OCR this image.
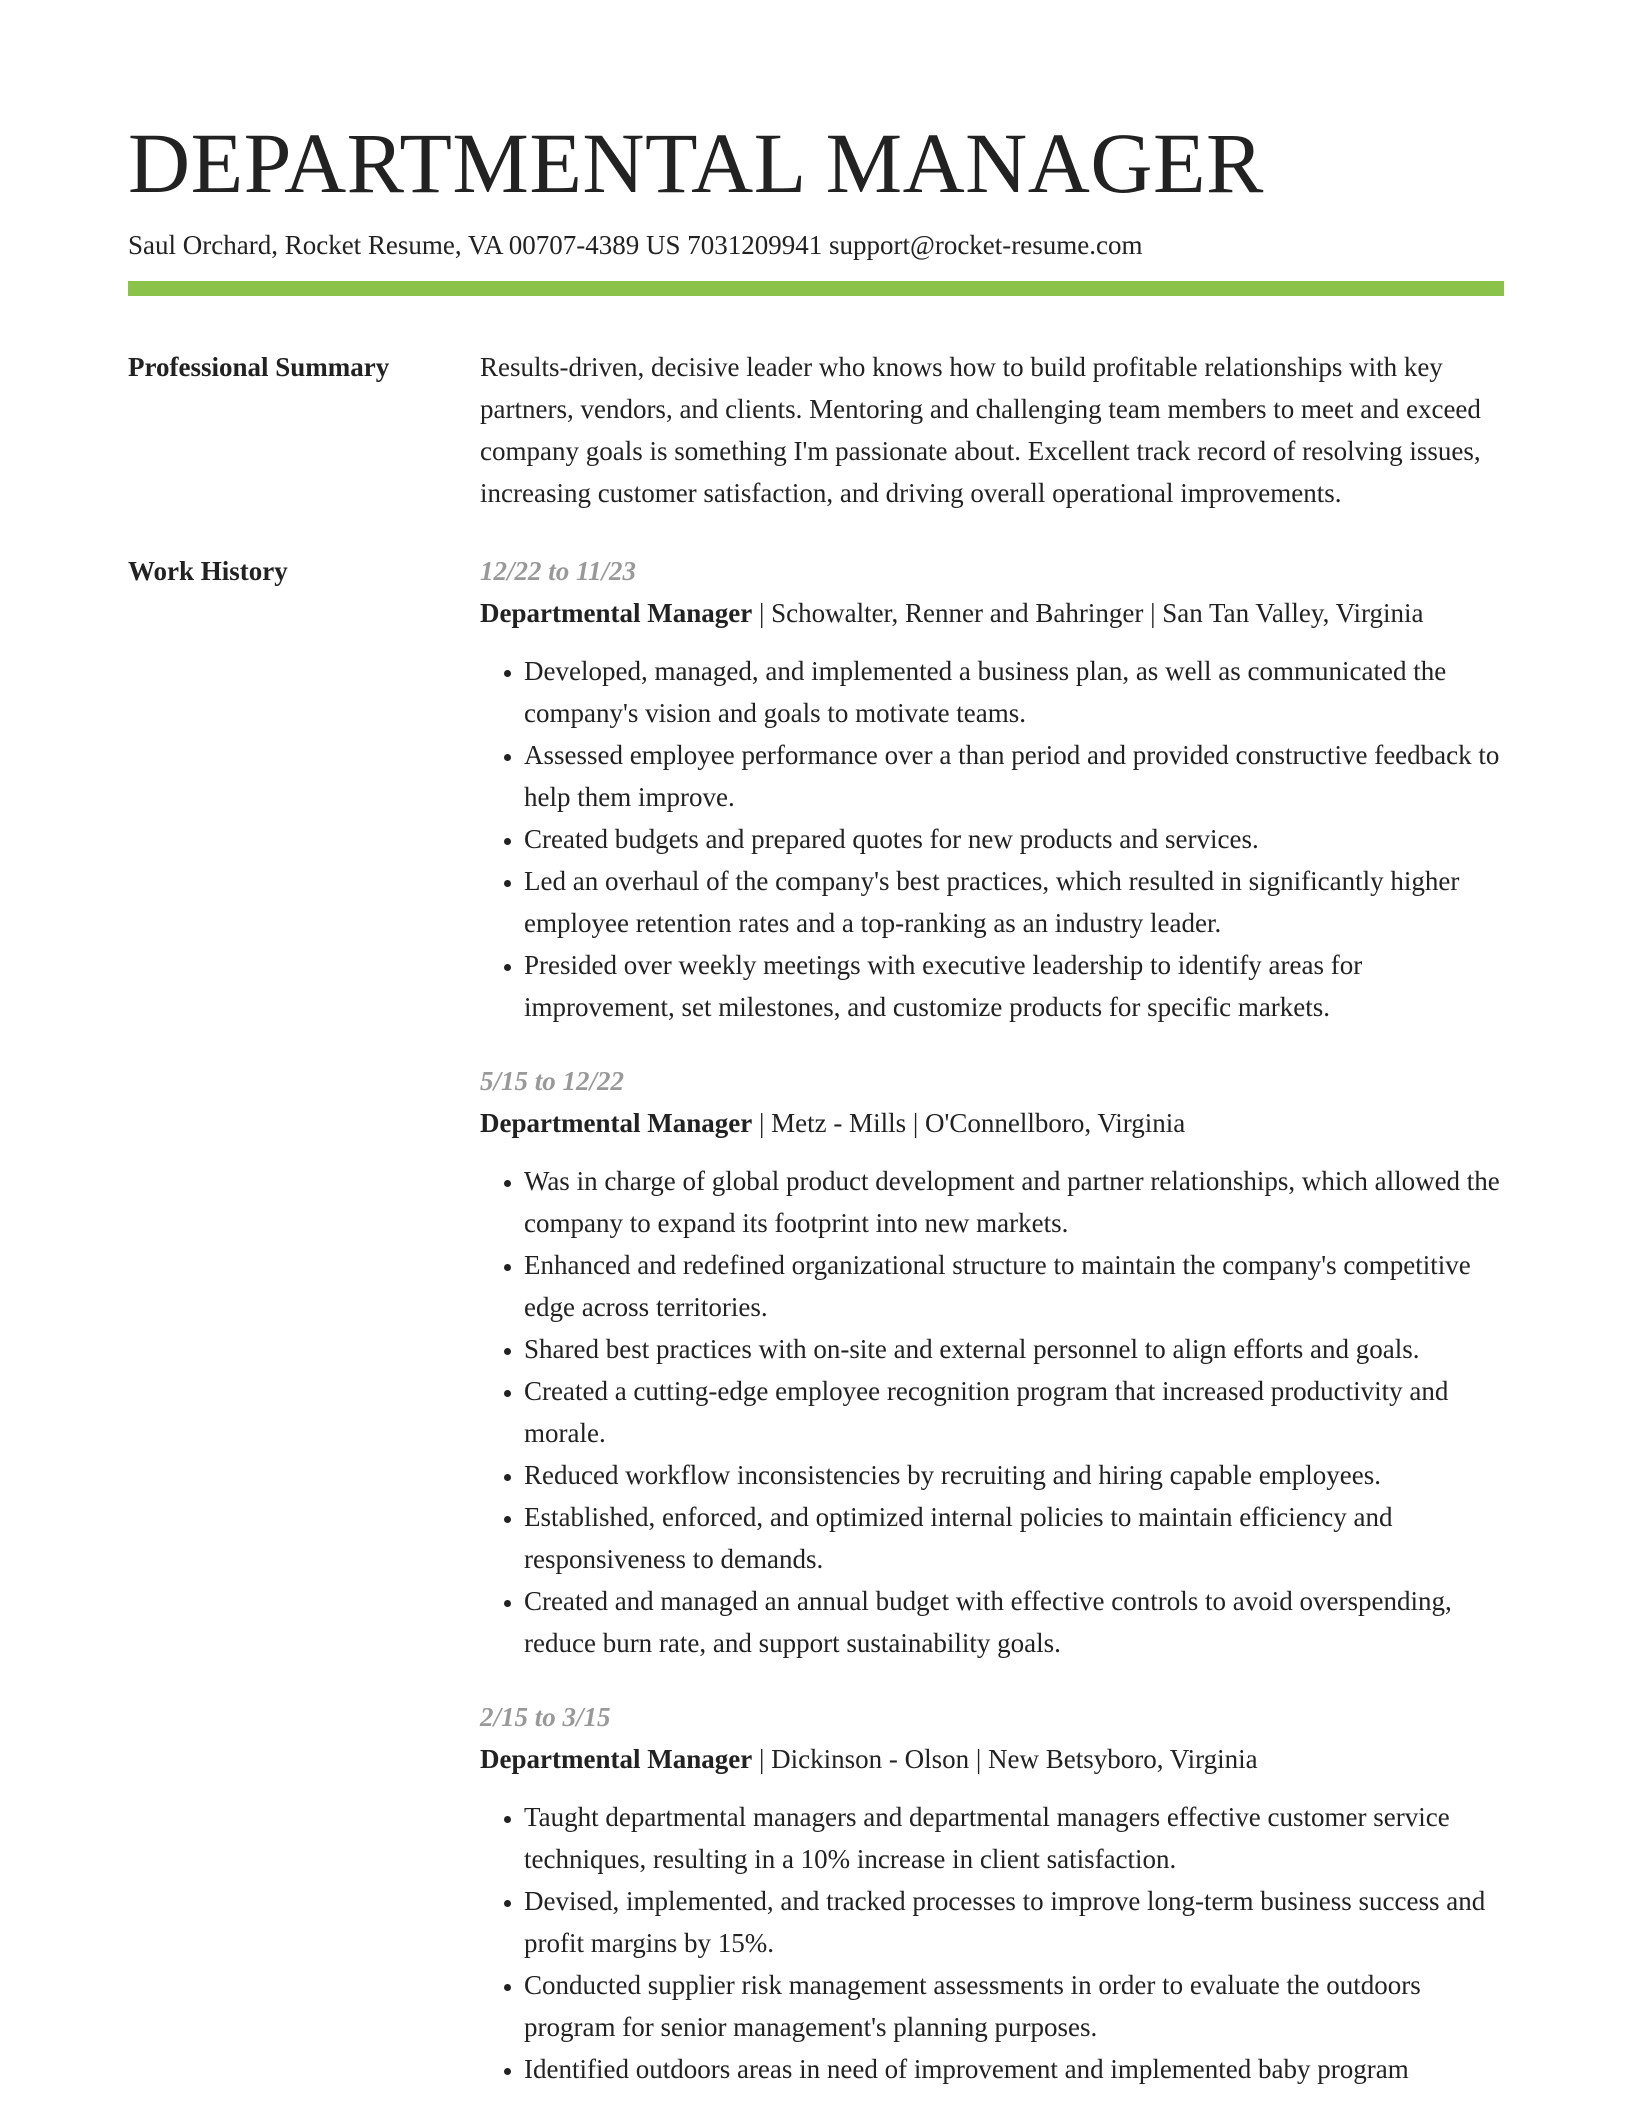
DEPARTMENTAL MANAGER
Saul Orchard, Rocket Resume, VA 00707-4389 US 7031209941 support@rocket-resume.com
Professional Summary	Results-driven, decisive leader who knows how to build profitable relationships with key partners, vendors, and clients. Mentoring and challenging team members to meet and exceed company goals is something I'm passionate about. Excellent track record of resolving issues, increasing customer satisfaction, and driving overall operational improvements.

Work History	12/22 to 11/23
Departmental Manager | Schowalter, Renner and Bahringer | San Tan Valley, Virginia
• Developed, managed, and implemented a business plan, as well as communicated the company's vision and goals to motivate teams.
• Assessed employee performance over a than period and provided constructive feedback to help them improve.
• Created budgets and prepared quotes for new products and services.
• Led an overhaul of the company's best practices, which resulted in significantly higher employee retention rates and a top-ranking as an industry leader.
• Presided over weekly meetings with executive leadership to identify areas for improvement, set milestones, and customize products for specific markets.
5/15 to 12/22
Departmental Manager | Metz - Mills | O'Connellboro, Virginia
• Was in charge of global product development and partner relationships, which allowed the company to expand its footprint into new markets.
• Enhanced and redefined organizational structure to maintain the company's competitive edge across territories.
• Shared best practices with on-site and external personnel to align efforts and goals.
• Created a cutting-edge employee recognition program that increased productivity and morale.
• Reduced workflow inconsistencies by recruiting and hiring capable employees.
• Established, enforced, and optimized internal policies to maintain efficiency and responsiveness to demands.
• Created and managed an annual budget with effective controls to avoid overspending, reduce burn rate, and support sustainability goals.
2/15 to 3/15
Departmental Manager | Dickinson - Olson | New Betsyboro, Virginia
• Taught departmental managers and departmental managers effective customer service techniques, resulting in a 10% increase in client satisfaction.
• Devised, implemented, and tracked processes to improve long-term business success and profit margins by 15%.
• Conducted supplier risk management assessments in order to evaluate the outdoors program for senior management's planning purposes.
• Identified outdoors areas in need of improvement and implemented baby program
